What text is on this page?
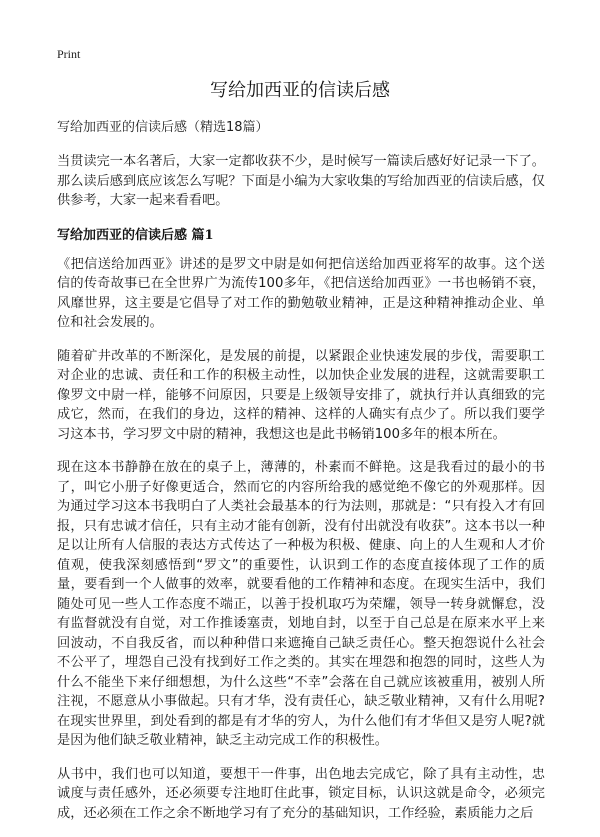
Print
写给加西亚的信读后感

写给加西亚的信读后感（精选18篇）

当贯读完一本名著后，大家一定都收获不少，是时候写一篇读后感好好记录一下了。那么读后感到底应该怎么写呢？下面是小编为大家收集的写给加西亚的信读后感，仅供参考，大家一起来看看吧。

写给加西亚的信读后感 篇1

《把信送给加西亚》讲述的是罗文中尉是如何把信送给加西亚将军的故事。这个送信的传奇故事已在全世界广为流传100多年，《把信送给加西亚》一书也畅销不衰，风靡世界，这主要是它倡导了对工作的勤勉敬业精神，正是这种精神推动企业、单位和社会发展的。

随着矿井改革的不断深化，是发展的前提，以紧跟企业快速发展的步伐，需要职工对企业的忠诚、责任和工作的积极主动性，以加快企业发展的进程，这就需要职工像罗文中尉一样，能够不问原因，只要是上级领导安排了，就执行并认真细致的完成它，然而，在我们的身边，这样的精神、这样的人确实有点少了。所以我们要学习这本书，学习罗文中尉的精神，我想这也是此书畅销100多年的根本所在。

现在这本书静静在放在的桌子上，薄薄的，朴素而不鲜艳。这是我看过的最小的书了，叫它小册子好像更适合，然而它的内容所给我的感觉绝不像它的外观那样。因为通过学习这本书我明白了人类社会最基本的行为法则，那就是：“只有投入才有回报，只有忠诚才信任，只有主动才能有创新，没有付出就没有收获”。这本书以一种足以让所有人信服的表达方式传达了一种极为积极、健康、向上的人生观和人才价值观，使我深刻感悟到“罗文”的重要性，认识到工作的态度直接体现了工作的质量，要看到一个人做事的效率，就要看他的工作精神和态度。在现实生活中，我们随处可见一些人工作态度不端正，以善于投机取巧为荣耀，领导一转身就懈怠，没有监督就没有自觉，对工作推诿塞责，划地自封，以至于自己总是在原来水平上来回波动，不自我反省，而以种种借口来遮掩自己缺乏责任心。整天抱怨说什么社会不公平了，埋怨自己没有找到好工作之类的。其实在埋怨和抱怨的同时，这些人为什么不能坐下来仔细想想，为什么这些“不幸”会落在自己就应该被重用，被别人所注视，不愿意从小事做起。只有才华，没有责任心，缺乏敬业精神，又有什么用呢?在现实世界里，到处看到的都是有才华的穷人，为什么他们有才华但又是穷人呢?就是因为他们缺乏敬业精神，缺乏主动完成工作的积极性。

从书中，我们也可以知道，要想干一件事，出色地去完成它，除了具有主动性，忠诚度与责任感外，还必须要专注地盯住此事，锁定目标，认识这就是命令，必须完成，还必须在工作之余不断地学习有了充分的基础知识，工作经验，素质能力之后
